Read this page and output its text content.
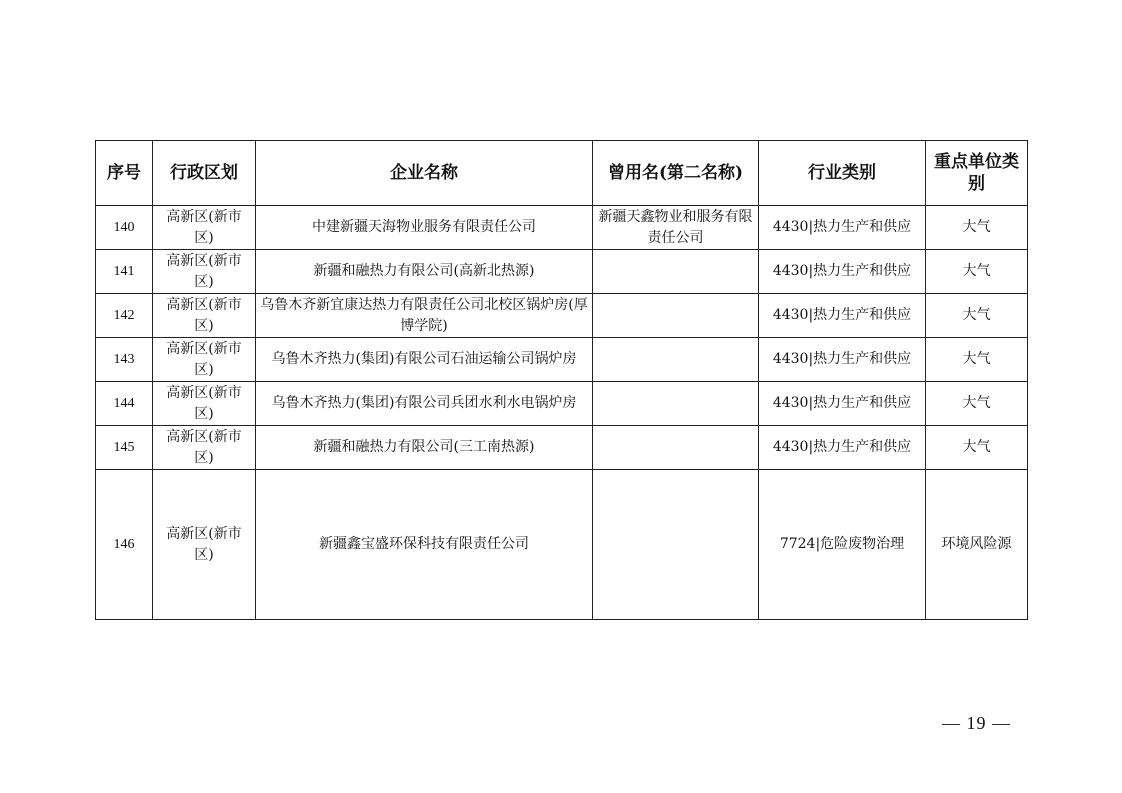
序号	行政区划	企业名称	曾用名(第二名称)	行业类别	重点单位类别
140	高新区(新市区)	中建新疆天海物业服务有限责任公司	新疆天鑫物业和服务有限责任公司	4430|热力生产和供应	大气
141	高新区(新市区)	新疆和融热力有限公司(高新北热源)		4430|热力生产和供应	大气
142	高新区(新市区)	乌鲁木齐新宜康达热力有限责任公司北校区锅炉房(厚博学院)		4430|热力生产和供应	大气
143	高新区(新市区)	乌鲁木齐热力(集团)有限公司石油运输公司锅炉房		4430|热力生产和供应	大气
144	高新区(新市区)	乌鲁木齐热力(集团)有限公司兵团水利水电锅炉房		4430|热力生产和供应	大气
145	高新区(新市区)	新疆和融热力有限公司(三工南热源)		4430|热力生产和供应	大气
146	高新区(新市区)	新疆鑫宝盛环保科技有限责任公司		7724|危险废物治理	环境风险源
— 19 —
